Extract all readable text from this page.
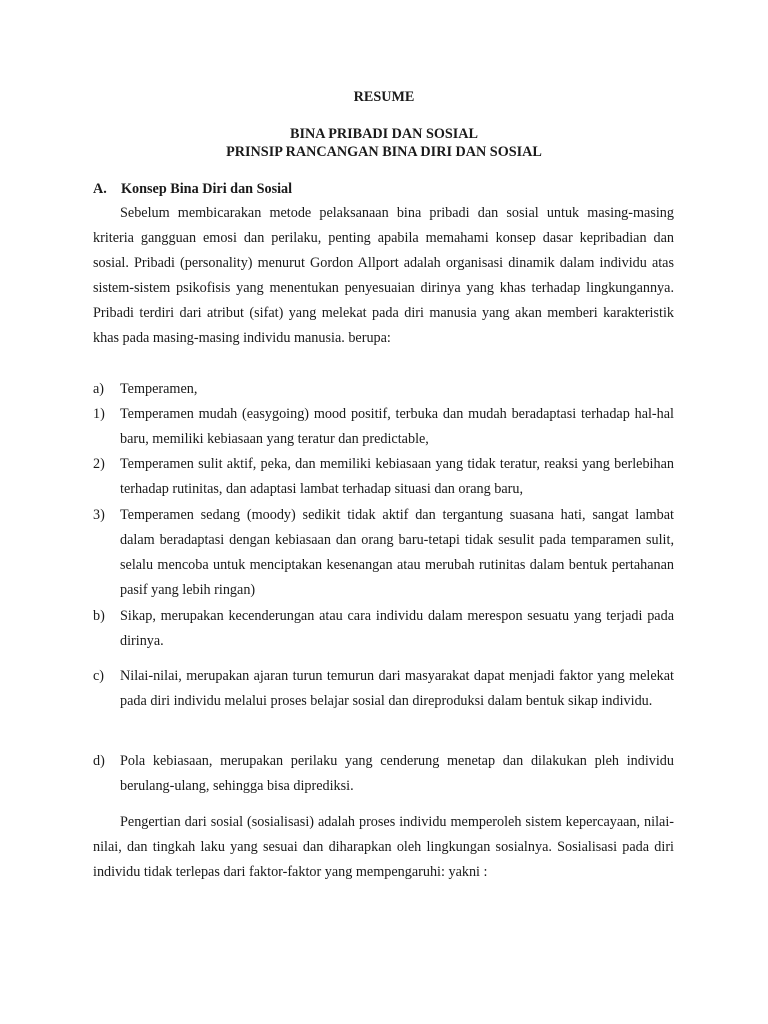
RESUME
BINA PRIBADI DAN SOSIAL
PRINSIP RANCANGAN BINA DIRI DAN SOSIAL
A. Konsep Bina Diri dan Sosial
Sebelum membicarakan metode pelaksanaan bina pribadi dan sosial untuk masing-masing kriteria gangguan emosi dan perilaku, penting apabila memahami konsep dasar kepribadian dan sosial. Pribadi (personality) menurut Gordon Allport adalah organisasi dinamik dalam individu atas sistem-sistem psikofisis yang menentukan penyesuaian dirinya yang khas terhadap lingkungannya. Pribadi terdiri dari atribut (sifat) yang melekat pada diri manusia yang akan memberi karakteristik khas pada masing-masing individu manusia. berupa:
a)	Temperamen,
1)	Temperamen mudah (easygoing) mood positif, terbuka dan mudah beradaptasi terhadap hal-hal baru, memiliki kebiasaan yang teratur dan predictable,
2)	Temperamen sulit aktif, peka, dan memiliki kebiasaan yang tidak teratur, reaksi yang berlebihan terhadap rutinitas, dan adaptasi lambat terhadap situasi dan orang baru,
3)	Temperamen sedang (moody) sedikit tidak aktif dan tergantung suasana hati, sangat lambat dalam beradaptasi dengan kebiasaan dan orang baru-tetapi tidak sesulit pada temparamen sulit, selalu mencoba untuk menciptakan kesenangan atau merubah rutinitas dalam bentuk pertahanan pasif yang lebih ringan)
b)	Sikap, merupakan kecenderungan atau cara individu dalam merespon sesuatu yang terjadi pada dirinya.
c)	Nilai-nilai, merupakan ajaran turun temurun dari masyarakat dapat menjadi faktor yang melekat pada diri individu melalui proses belajar sosial dan direproduksi dalam bentuk sikap individu.
d)	Pola kebiasaan, merupakan perilaku yang cenderung menetap dan dilakukan pleh individu berulang-ulang, sehingga bisa diprediksi.
Pengertian dari sosial (sosialisasi) adalah proses individu memperoleh sistem kepercayaan, nilai-nilai, dan tingkah laku yang sesuai dan diharapkan oleh lingkungan sosialnya. Sosialisasi pada diri individu tidak terlepas dari faktor-faktor yang mempengaruhi: yakni :
